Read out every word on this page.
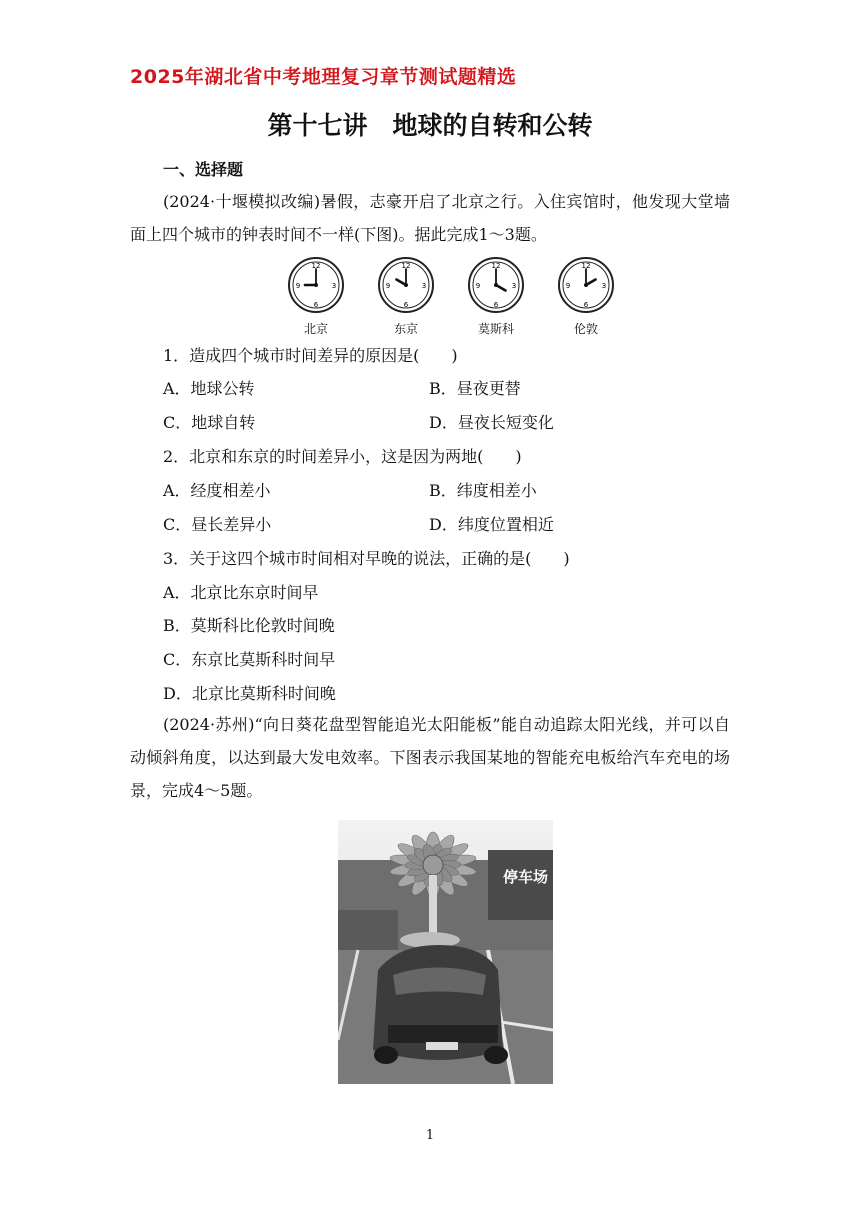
2025年湖北省中考地理复习章节测试题精选
第十七讲　地球的自转和公转
一、选择题
(2024·十堰模拟改编)暑假，志豪开启了北京之行。入住宾馆时，他发现大堂墙面上四个城市的钟表时间不一样(下图)。据此完成1～3题。
12
3
6
9
北京
12
3
6
9
东京
12
3
6
9
莫斯科
12
3
6
9
伦敦
1．造成四个城市时间差异的原因是(　　)
A．地球公转	B．昼夜更替
C．地球自转	D．昼夜长短变化
2．北京和东京的时间差异小，这是因为两地(　　)
A．经度相差小	B．纬度相差小
C．昼长差异小	D．纬度位置相近
3．关于这四个城市时间相对早晚的说法，正确的是(　　)
A．北京比东京时间早
B．莫斯科比伦敦时间晚
C．东京比莫斯科时间早
D．北京比莫斯科时间晚
(2024·苏州)“向日葵花盘型智能追光太阳能板”能自动追踪太阳光线，并可以自动倾斜角度，以达到最大发电效率。下图表示我国某地的智能充电板给汽车充电的场景，完成4～5题。
停车场
1
